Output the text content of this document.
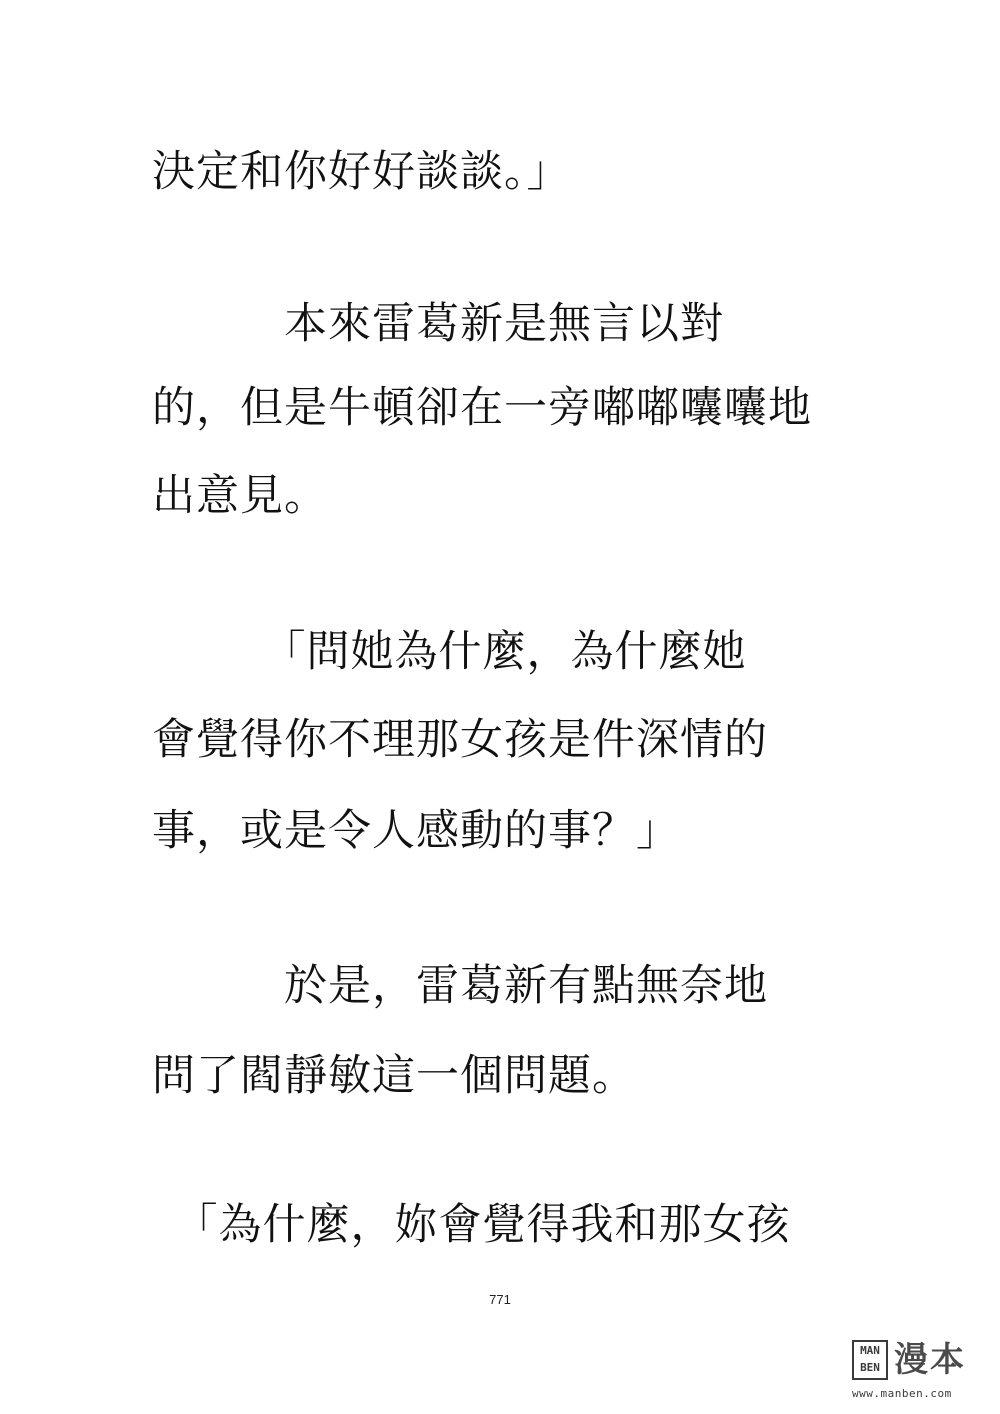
決定和你好好談談。」

　　　本來雷葛新是無言以對

的，但是牛頓卻在一旁嘟嘟囔囔地

出意見。

　　　「問她為什麼，為什麼她

會覺得你不理那女孩是件深情的

事，或是令人感動的事？」

　　　於是，雷葛新有點無奈地

問了閻靜敏這一個問題。

　「為什麼，妳會覺得我和那女孩

771
MAN
BEN 漫本
www.manben.com
